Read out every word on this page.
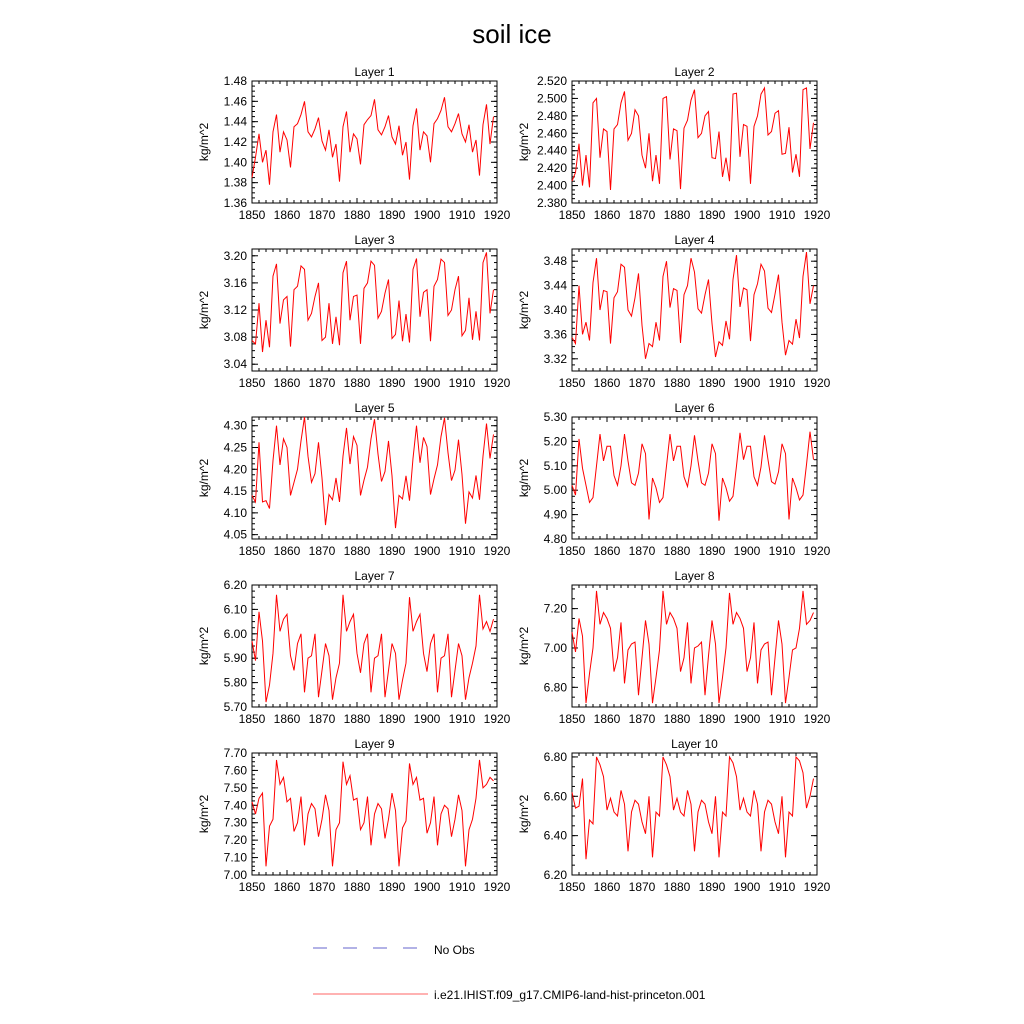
soil ice
Layer 1
kg/m^2
1850 1860 1870 1880 1890 1900 1910 1920
1.36
1.38
1.40
1.42
1.44
1.46
1.48
Layer 2
kg/m^2
1850 1860 1870 1880 1890 1900 1910 1920
2.380
2.400
2.420
2.440
2.460
2.480
2.500
2.520
Layer 3
kg/m^2
1850 1860 1870 1880 1890 1900 1910 1920
3.04
3.08
3.12
3.16
3.20
Layer 4
kg/m^2
1850 1860 1870 1880 1890 1900 1910 1920
3.32
3.36
3.40
3.44
3.48
Layer 5
kg/m^2
1850 1860 1870 1880 1890 1900 1910 1920
4.05
4.10
4.15
4.20
4.25
4.30
Layer 6
kg/m^2
1850 1860 1870 1880 1890 1900 1910 1920
4.80
4.90
5.00
5.10
5.20
5.30
Layer 7
kg/m^2
1850 1860 1870 1880 1890 1900 1910 1920
5.70
5.80
5.90
6.00
6.10
6.20
Layer 8
kg/m^2
1850 1860 1870 1880 1890 1900 1910 1920
6.80
7.00
7.20
Layer 9
kg/m^2
1850 1860 1870 1880 1890 1900 1910 1920
7.00
7.10
7.20
7.30
7.40
7.50
7.60
7.70
Layer 10
kg/m^2
1850 1860 1870 1880 1890 1900 1910 1920
6.20
6.40
6.60
6.80
No Obs
i.e21.IHIST.f09_g17.CMIP6-land-hist-princeton.001
